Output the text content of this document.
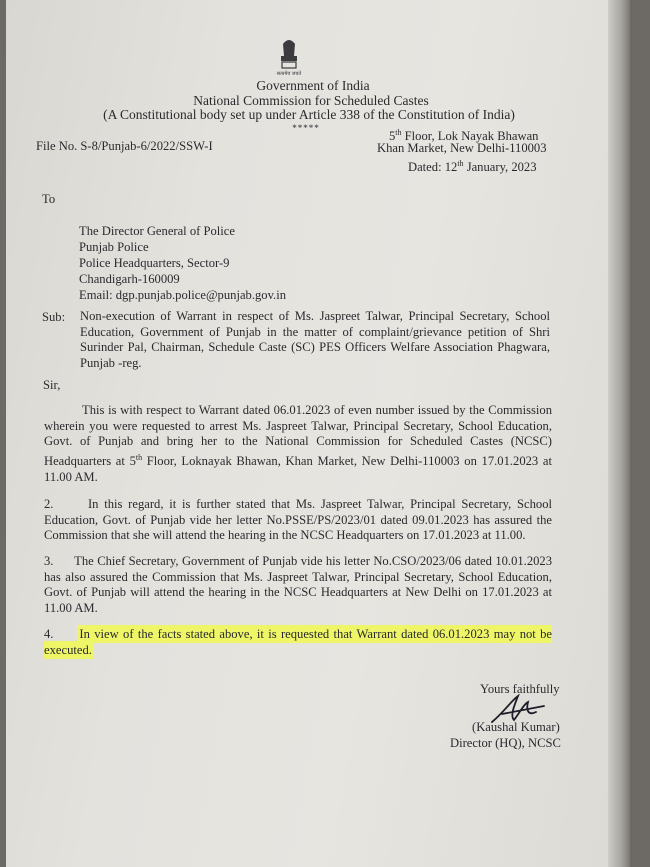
सत्यमेव जयते
Government of India
National Commission for Scheduled Castes
(A Constitutional body set up under Article 338 of the Constitution of India)
*****
File No. S-8/Punjab-6/2022/SSW-I
5th Floor, Lok Nayak Bhawan
Khan Market, New Delhi-110003
Dated: 12th January, 2023
To
The Director General of Police
Punjab Police
Police Headquarters, Sector-9
Chandigarh-160009
Email: dgp.punjab.police@punjab.gov.in
Sub: Non-execution of Warrant in respect of Ms. Jaspreet Talwar, Principal Secretary, School Education, Government of Punjab in the matter of complaint/grievance petition of Shri Surinder Pal, Chairman, Schedule Caste (SC) PES Officers Welfare Association Phagwara, Punjab -reg.
Sir,
This is with respect to Warrant dated 06.01.2023 of even number issued by the Commission wherein you were requested to arrest Ms. Jaspreet Talwar, Principal Secretary, School Education, Govt. of Punjab and bring her to the National Commission for Scheduled Castes (NCSC) Headquarters at 5th Floor, Loknayak Bhawan, Khan Market, New Delhi-110003 on 17.01.2023 at 11.00 AM.
2.	In this regard, it is further stated that Ms. Jaspreet Talwar, Principal Secretary, School Education, Govt. of Punjab vide her letter No.PSSE/PS/2023/01 dated 09.01.2023 has assured the Commission that she will attend the hearing in the NCSC Headquarters on 17.01.2023 at 11.00.
3. The Chief Secretary, Government of Punjab vide his letter No.CSO/2023/06 dated 10.01.2023 has also assured the Commission that Ms. Jaspreet Talwar, Principal Secretary, School Education, Govt. of Punjab will attend the hearing in the NCSC Headquarters at New Delhi on 17.01.2023 at 11.00 AM.
4. In view of the facts stated above, it is requested that Warrant dated 06.01.2023 may not be executed.
Yours faithfully
(Kaushal Kumar)
Director (HQ), NCSC
